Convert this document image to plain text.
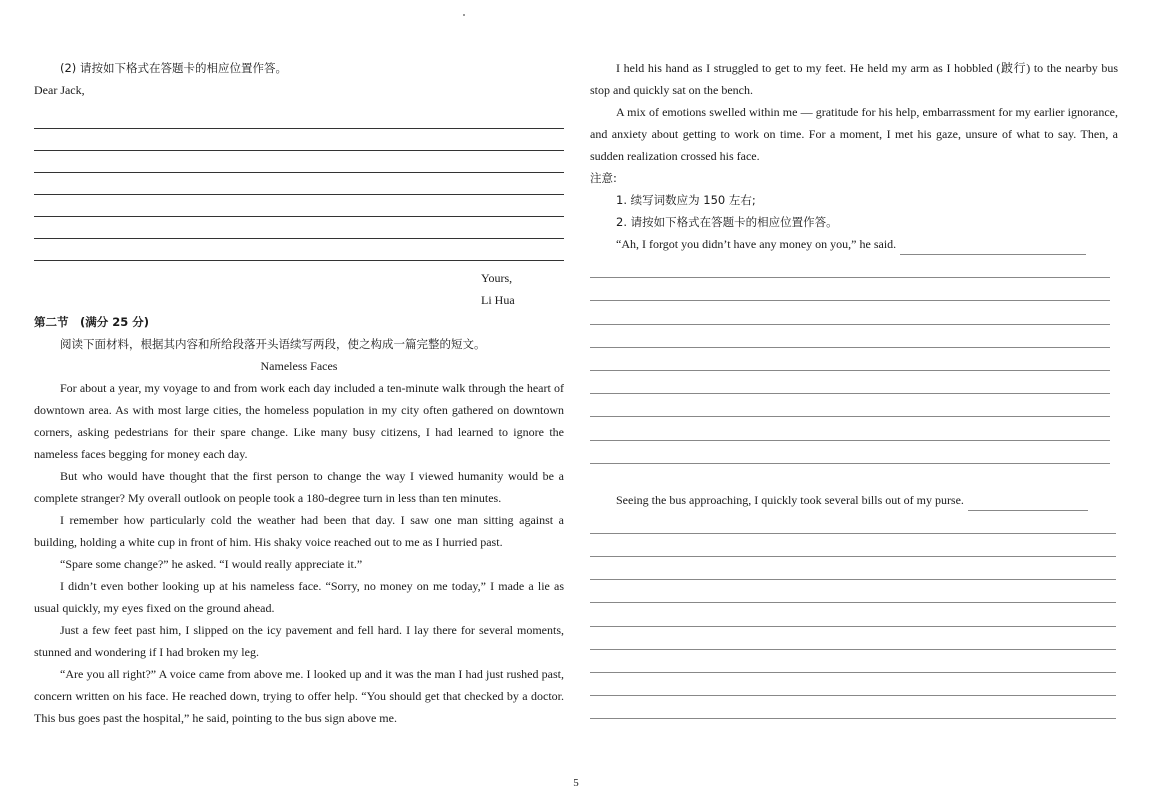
(2) 请按如下格式在答题卡的相应位置作答。

Dear Jack,

Yours,

Li Hua

第二节　(满分 25 分)

阅读下面材料，根据其内容和所给段落开头语续写两段，使之构成一篇完整的短文。

Nameless Faces

For about a year, my voyage to and from work each day included a ten-minute walk through the heart of downtown area. As with most large cities, the homeless population in my city often gathered on downtown corners, asking pedestrians for their spare change. Like many busy citizens, I had learned to ignore the nameless faces begging for money each day.

But who would have thought that the first person to change the way I viewed humanity would be a complete stranger? My overall outlook on people took a 180-degree turn in less than ten minutes.

I remember how particularly cold the weather had been that day. I saw one man sitting against a building, holding a white cup in front of him. His shaky voice reached out to me as I hurried past.

“Spare some change?” he asked. “I would really appreciate it.”

I didn’t even bother looking up at his nameless face. “Sorry, no money on me today,” I made a lie as usual quickly, my eyes fixed on the ground ahead.

Just a few feet past him, I slipped on the icy pavement and fell hard. I lay there for several moments, stunned and wondering if I had broken my leg.

“Are you all right?” A voice came from above me. I looked up and it was the man I had just rushed past, concern written on his face. He reached down, trying to offer help. “You should get that checked by a doctor. This bus goes past the hospital,” he said, pointing to the bus sign above me.

I held his hand as I struggled to get to my feet. He held my arm as I hobbled (跛行) to the nearby bus stop and quickly sat on the bench.

A mix of emotions swelled within me — gratitude for his help, embarrassment for my earlier ignorance, and anxiety about getting to work on time. For a moment, I met his gaze, unsure of what to say. Then, a sudden realization crossed his face.

注意:

1. 续写词数应为 150 左右;

2. 请按如下格式在答题卡的相应位置作答。

“Ah, I forgot you didn’t have any money on you,” he said.
Seeing the bus approaching, I quickly took several bills out of my purse.
5
